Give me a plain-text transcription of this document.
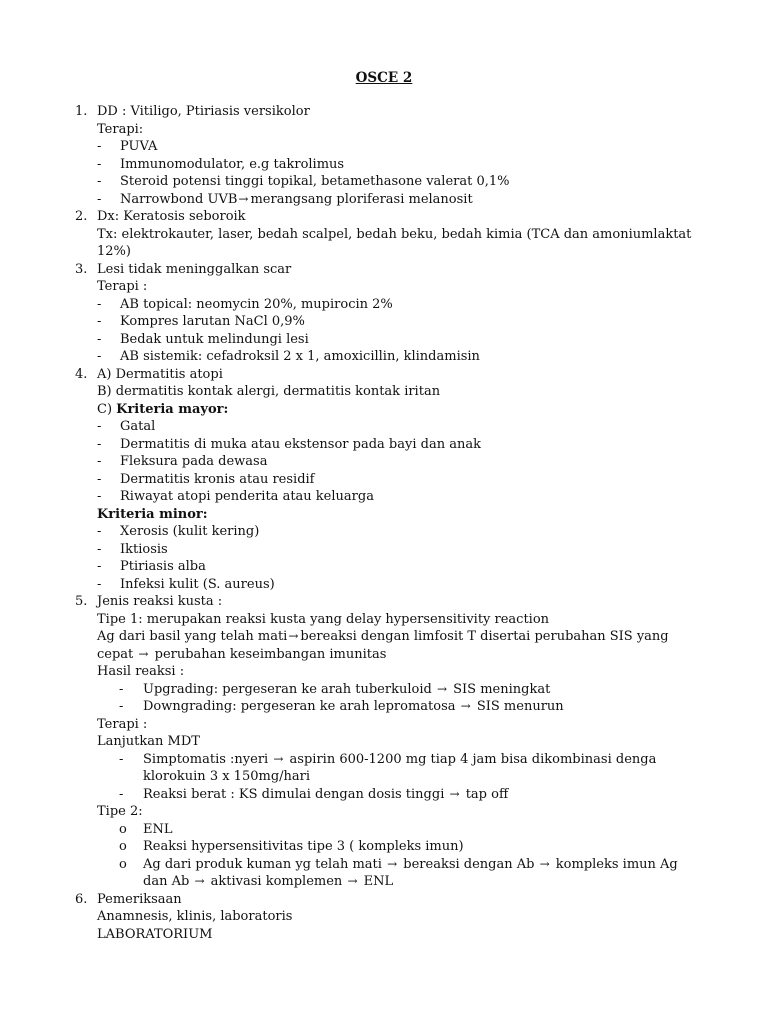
OSCE 2
1. DD : Vitiligo, Ptiriasis versikolor
Terapi:
- PUVA
- Immunomodulator, e.g takrolimus
- Steroid potensi tinggi topikal, betamethasone valerat 0,1%
- Narrowbond UVB→ merangsang ploriferasi melanosit
2. Dx: Keratosis seboroik
Tx: elektrokauter, laser, bedah scalpel, bedah beku, bedah kimia (TCA dan amoniumlaktat
12%)
3. Lesi tidak meninggalkan scar
Terapi :
- AB topical: neomycin 20%, mupirocin 2%
- Kompres larutan NaCl 0,9%
- Bedak untuk melindungi lesi
- AB sistemik: cefadroksil 2 x 1, amoxicillin, klindamisin
4. A) Dermatitis atopi
B) dermatitis kontak alergi, dermatitis kontak iritan
C) Kriteria mayor:
- Gatal
- Dermatitis di muka atau ekstensor pada bayi dan anak
- Fleksura pada dewasa
- Dermatitis kronis atau residif
- Riwayat atopi penderita atau keluarga
Kriteria minor:
- Xerosis (kulit kering)
- Iktiosis
- Ptiriasis alba
- Infeksi kulit (S. aureus)
5. Jenis reaksi kusta :
Tipe 1: merupakan reaksi kusta yang delay hypersensitivity reaction
Ag dari basil yang telah mati→ bereaksi dengan limfosit T disertai perubahan SIS yang
cepat → perubahan keseimbangan imunitas
Hasil reaksi :
- Upgrading: pergeseran ke arah tuberkuloid → SIS meningkat
- Downgrading: pergeseran ke arah lepromatosa → SIS menurun
Terapi :
Lanjutkan MDT
- Simptomatis :nyeri → aspirin 600-1200 mg tiap 4 jam bisa dikombinasi denga
klorokuin 3 x 150mg/hari
- Reaksi berat : KS dimulai dengan dosis tinggi → tap off
Tipe 2:
o ENL
o Reaksi hypersensitivitas tipe 3 ( kompleks imun)
o Ag dari produk kuman yg telah mati → bereaksi dengan Ab → kompleks imun Ag
dan Ab → aktivasi komplemen → ENL
6. Pemeriksaan
Anamnesis, klinis, laboratoris
LABORATORIUM
